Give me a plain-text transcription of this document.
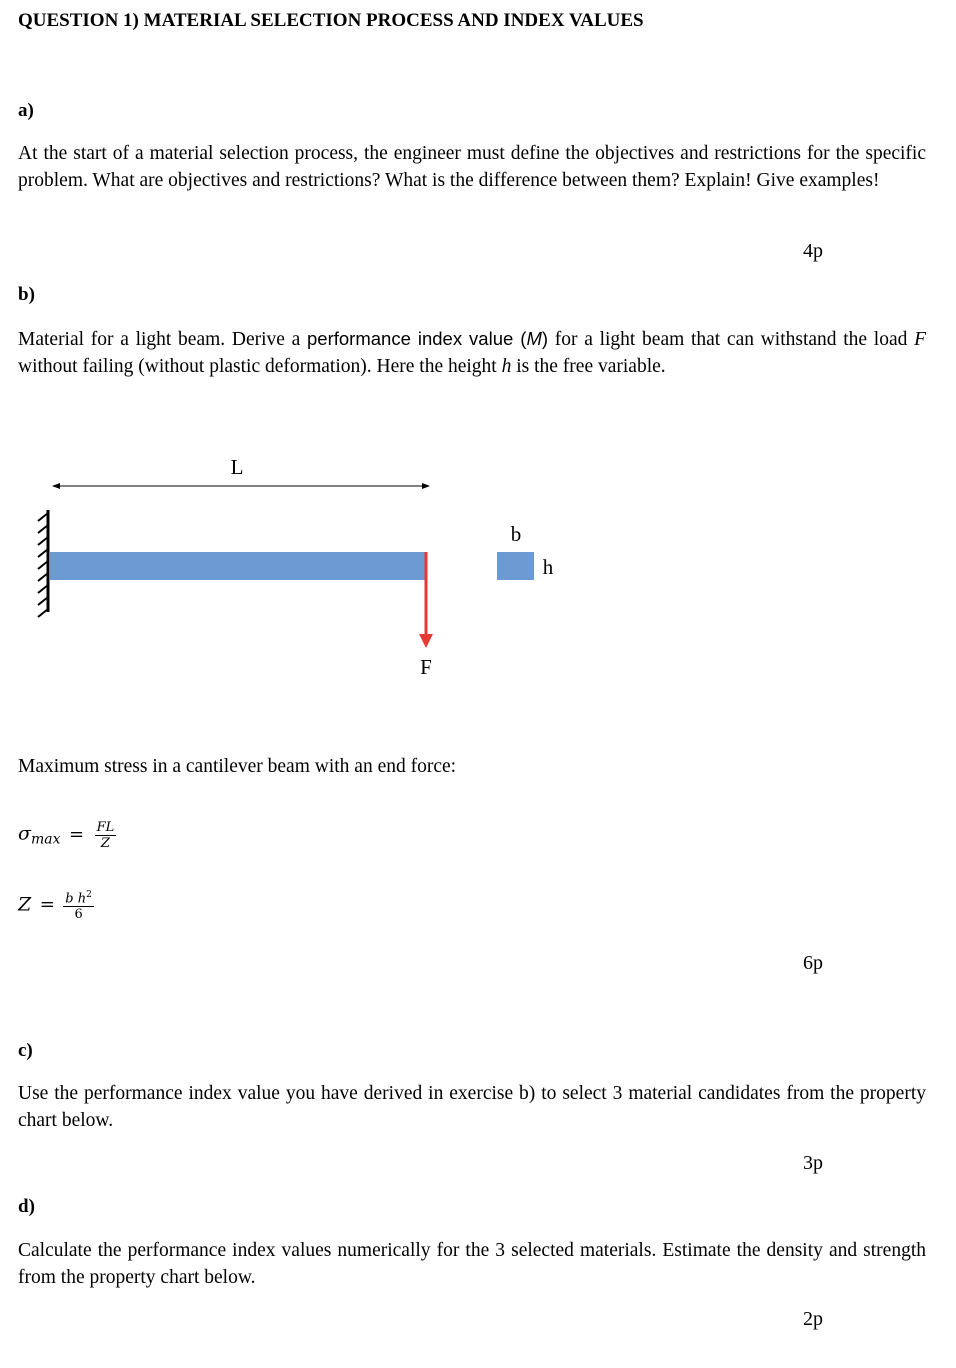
QUESTION 1) MATERIAL SELECTION PROCESS AND INDEX VALUES
a)
At the start of a material selection process, the engineer must define the objectives and restrictions for the specific problem. What are objectives and restrictions? What is the difference between them? Explain! Give examples!
4p
b)
Material for a light beam. Derive a performance index value (M) for a light beam that can withstand the load F without failing (without plastic deformation). Here the height h is the free variable.
L
F
b
h
Maximum stress in a cantilever beam with an end force:
$\sigma_{max} = \frac{FL}{Z}$
$Z = \frac{b h^2}{6}$
6p
c)
Use the performance index value you have derived in exercise b) to select 3 material candidates from the property chart below.
3p
d)
Calculate the performance index values numerically for the 3 selected materials. Estimate the density and strength from the property chart below.
2p
